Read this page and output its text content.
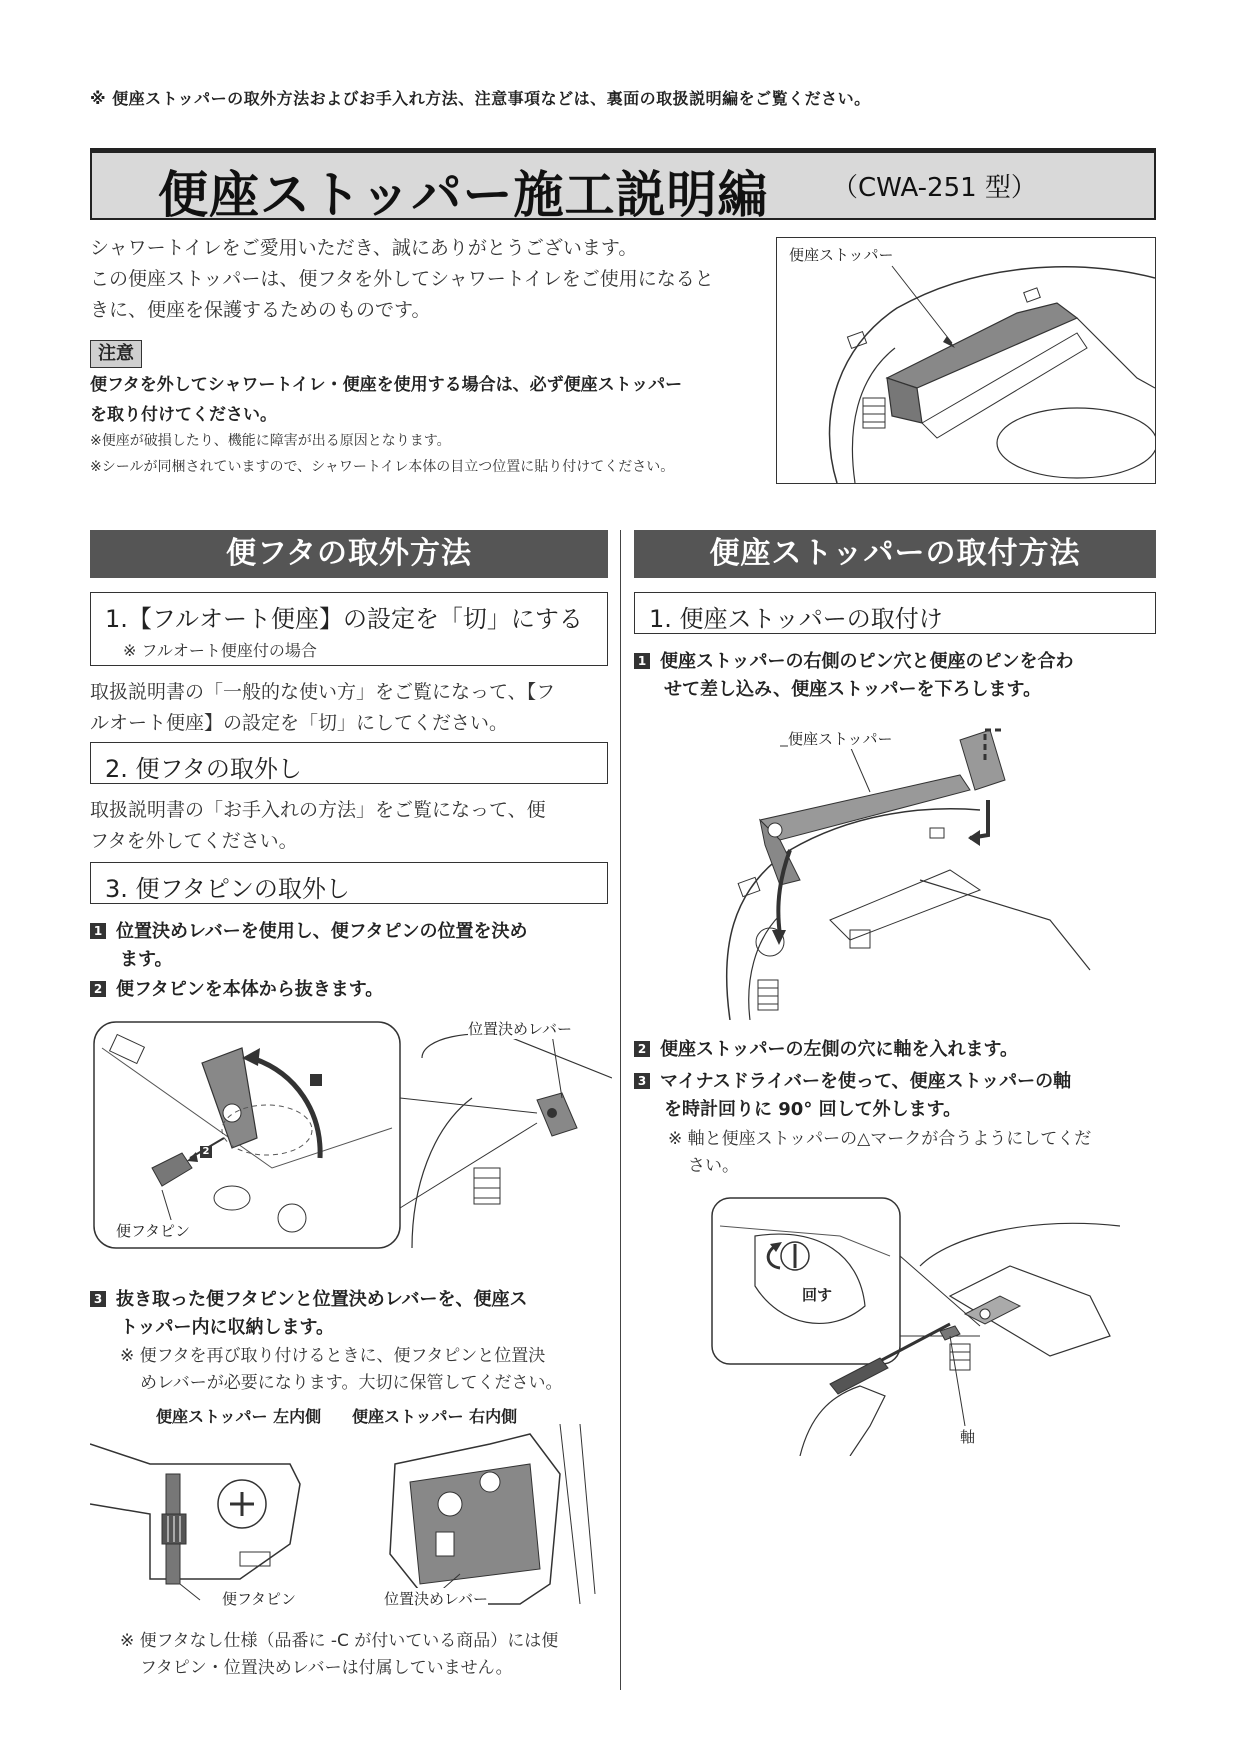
※ 便座ストッパーの取外方法およびお手入れ方法、注意事項などは、裏面の取扱説明編をご覧ください。
便座ストッパー施工説明編 （CWA-251 型）
シャワートイレをご愛用いただき、誠にありがとうございます。
この便座ストッパーは、便フタを外してシャワートイレをご使用になると
きに、便座を保護するためのものです。
注意
便フタを外してシャワートイレ・便座を使用する場合は、必ず便座ストッパー
を取り付けてください。
※便座が破損したり、機能に障害が出る原因となります。
※シールが同梱されていますので、シャワートイレ本体の目立つ位置に貼り付けてください。
便座ストッパー
便フタの取外方法
1.【フルオート便座】の設定を「切」にする
※ フルオート便座付の場合
取扱説明書の「一般的な使い方」をご覧になって、【フ
ルオート便座】の設定を「切」にしてください。
2. 便フタの取外し
取扱説明書の「お手入れの方法」をご覧になって、便
フタを外してください。
3. 便フタピンの取外し
1 位置決めレバーを使用し、便フタピンの位置を決め
ます。
2 便フタピンを本体から抜きます。
位置決めレバー
便フタピン
1
2
3 抜き取った便フタピンと位置決めレバーを、便座ス
トッパー内に収納します。
※ 便フタを再び取り付けるときに、便フタピンと位置決
めレバーが必要になります。大切に保管してください。
便座ストッパー 左内側 便座ストッパー 右内側
便フタピン	位置決めレバー
※ 便フタなし仕様（品番に -C が付いている商品）には便
フタピン・位置決めレバーは付属していません。
便座ストッパーの取付方法
1. 便座ストッパーの取付け
1 便座ストッパーの右側のピン穴と便座のピンを合わ
せて差し込み、便座ストッパーを下ろします。
便座ストッパー
2 便座ストッパーの左側の穴に軸を入れます。
3 マイナスドライバーを使って、便座ストッパーの軸
を時計回りに 90° 回して外します。
※ 軸と便座ストッパーの△マークが合うようにしてくだ
さい。
回す
軸
